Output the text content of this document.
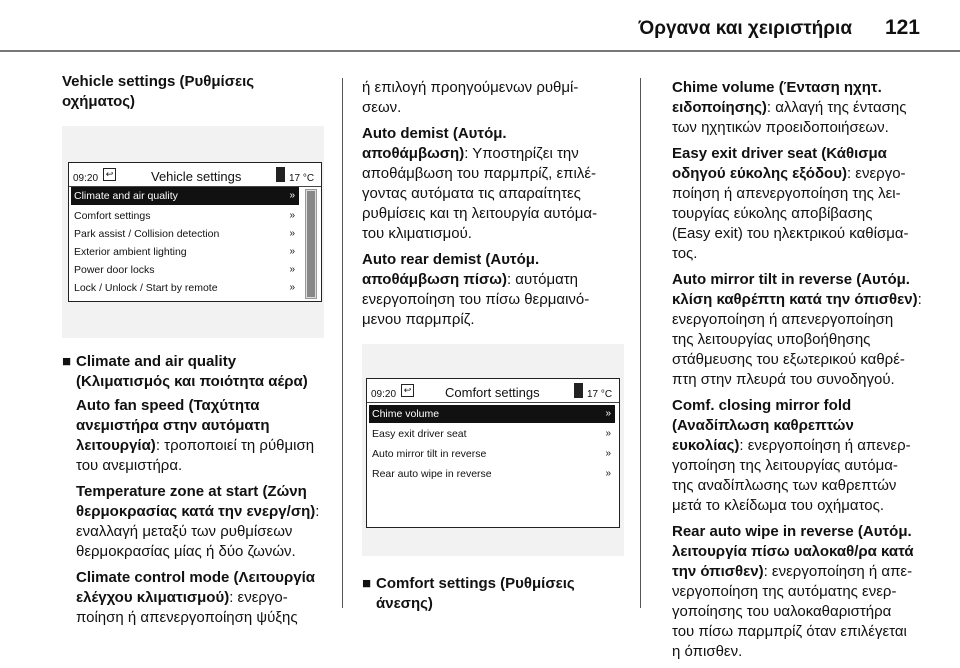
Όργανα και χειριστήρια 121
Vehicle settings (Ρυθμίσεις
οχήματος)
09:20 ↩	Vehicle settings	17 °C
Climate and air quality	»
Comfort settings	»
Park assist / Collision detection	»
Exterior ambient lighting	»
Power door locks	»
Lock / Unlock / Start by remote	»
■ Climate and air quality
(Κλιματισμός και ποιότητα αέρα)
Auto fan speed (Ταχύτητα
ανεμιστήρα στην αυτόματη
λειτουργία): τροποποιεί τη ρύθμιση
του ανεμιστήρα.
Temperature zone at start (Ζώνη
θερμοκρασίας κατά την ενεργ/ση):
εναλλαγή μεταξύ των ρυθμίσεων
θερμοκρασίας μίας ή δύο ζωνών.
Climate control mode (Λειτουργία
ελέγχου κλιματισμού): ενεργο-
ποίηση ή απενεργοποίηση ψύξης
ή επιλογή προηγούμενων ρυθμί-
σεων.
Auto demist (Αυτόμ.
αποθάμβωση): Υποστηρίζει την
αποθάμβωση του παρμπρίζ, επιλέ-
γοντας αυτόματα τις απαραίτητες
ρυθμίσεις και τη λειτουργία αυτόμα-
του κλιματισμού.
Auto rear demist (Αυτόμ.
αποθάμβωση πίσω): αυτόματη
ενεργοποίηση του πίσω θερμαινό-
μενου παρμπρίζ.
09:20 ↩	Comfort settings	17 °C
Chime volume	»
Easy exit driver seat	»
Auto mirror tilt in reverse	»
Rear auto wipe in reverse	»
■ Comfort settings (Ρυθμίσεις
άνεσης)
Chime volume (Ένταση ηχητ.
ειδοποίησης): αλλαγή της έντασης
των ηχητικών προειδοποιήσεων.
Easy exit driver seat (Κάθισμα
οδηγού εύκολης εξόδου): ενεργο-
ποίηση ή απενεργοποίηση της λει-
τουργίας εύκολης αποβίβασης
(Easy exit) του ηλεκτρικού καθίσμα-
τος.
Auto mirror tilt in reverse (Αυτόμ.
κλίση καθρέπτη κατά την όπισθεν):
ενεργοποίηση ή απενεργοποίηση
της λειτουργίας υποβοήθησης
στάθμευσης του εξωτερικού καθρέ-
πτη στην πλευρά του συνοδηγού.
Comf. closing mirror fold
(Αναδίπλωση καθρεπτών
ευκολίας): ενεργοποίηση ή απενερ-
γοποίηση της λειτουργίας αυτόμα-
της αναδίπλωσης των καθρεπτών
μετά το κλείδωμα του οχήματος.
Rear auto wipe in reverse (Αυτόμ.
λειτουργία πίσω υαλοκαθ/ρα κατά
την όπισθεν): ενεργοποίηση ή απε-
νεργοποίηση της αυτόματης ενερ-
γοποίησης του υαλοκαθαριστήρα
του πίσω παρμπρίζ όταν επιλέγεται
η όπισθεν.
